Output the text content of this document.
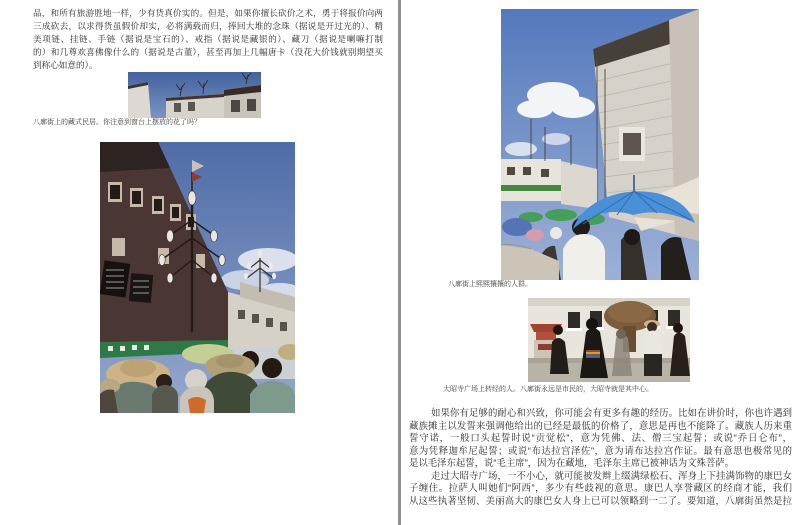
品，和所有旅游胜地一样，少有货真价实的。但是，如果你擅长砍价之术，勇于将报价向两
三成砍去，以求得货虽假价却实，必将满载而归，捧回大堆的念珠（据说是开过光的）、精
美项链、挂链、手链（据说是宝石的）、戒指（据说是藏银的）、藏刀（据说是喇嘛打制
的）和几尊欢喜佛像什么的（据说是古董），甚至再加上几幅唐卡（没花大价钱就别期望买
到称心如意的）。
八廓街上的藏式民居。你注意到窗台上摆放的花了吗？
八廓街上熙熙攘攘的人群。
大昭寺广场上转经的人。八廓街永远是市民的，大昭寺就是其中心。
如果你有足够的耐心和兴致，你可能会有更多有趣的经历。比如在讲价时，你也许遇到
藏族摊主以发誓来强调他给出的已经是最低的价格了，意思是再也不能降了。藏族人历来重
誓守诺，一般口头起誓时说“贡觉松”，意为凭佛、法、僧三宝起誓；或说“乔日仑布”，
意为凭释迦牟尼起誓；或说“布达拉宫泽佐”，意为请布达拉宫作证。最有意思也极常见的
是以毛泽东起誓，说“毛主席”，因为在藏地，毛泽东主席已被神话为文殊菩萨。
走过大昭寺广场，一不小心，就可能被发辫上缀满绿松石、浑身上下挂满饰物的康巴女
子缠住。拉萨人叫她们“阿西”，多少有些歧视的意思。康巴人享誉藏区的经商才能，我们
从这些执著坚韧、美丽高大的康巴女人身上已可以领略到一二了。要知道，八廓街虽然是拉
